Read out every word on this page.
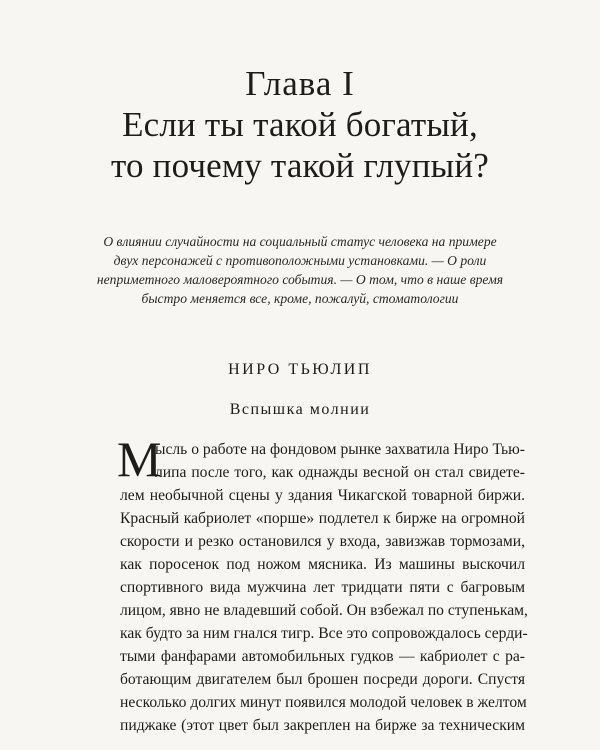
Глава I
Если ты такой богатый,
то почему такой глупый?
О влиянии случайности на социальный статус человека на примере
двух персонажей с противоположными установками. — О роли
неприметного маловероятного события. — О том, что в наше время
быстро меняется все, кроме, пожалуй, стоматологии
НИРО ТЬЮЛИП
Вспышка молнии
М
ысль о работе на фондовом рынке захватила Ниро Тью-
липа после того, как однажды весной он стал свидете-
лем необычной сцены у здания Чикагской товарной биржи.
Красный кабриолет «порше» подлетел к бирже на огромной
скорости и резко остановился у входа, завизжав тормозами,
как поросенок под ножом мясника. Из машины выскочил
спортивного вида мужчина лет тридцати пяти с багровым
лицом, явно не владевший собой. Он взбежал по ступенькам,
как будто за ним гнался тигр. Все это сопровождалось серди-
тыми фанфарами автомобильных гудков — кабриолет с ра-
ботающим двигателем был брошен посреди дороги. Спустя
несколько долгих минут появился молодой человек в желтом
пиджаке (этот цвет был закреплен на бирже за техническим
